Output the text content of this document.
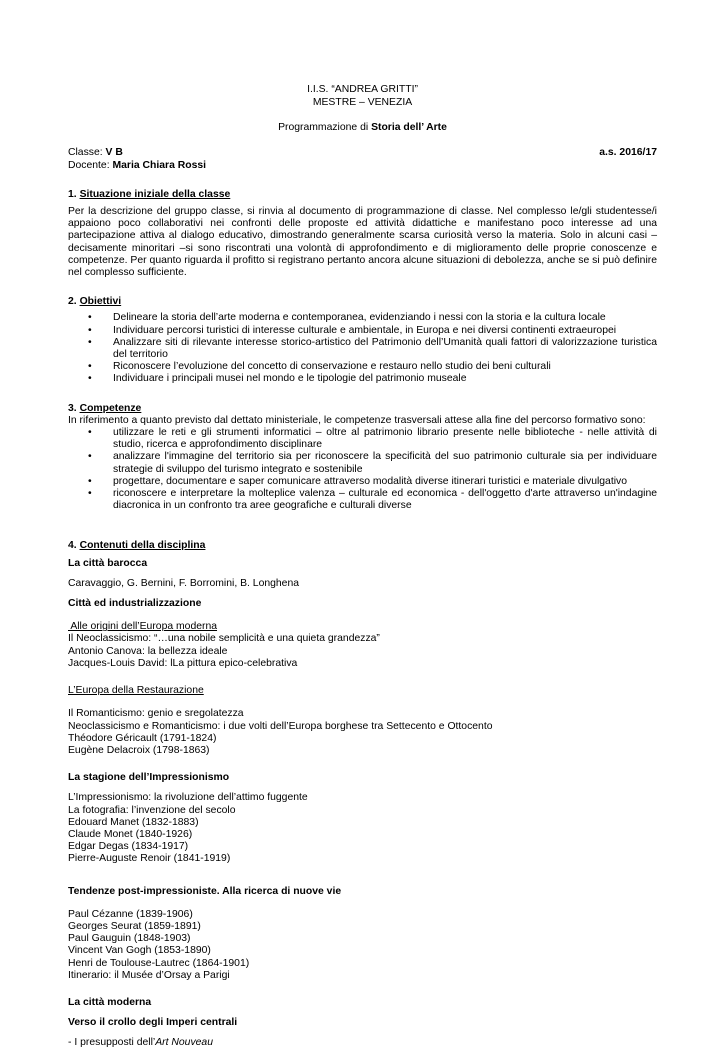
I.I.S. “ANDREA GRITTI”
MESTRE – VENEZIA
Programmazione di Storia dell’ Arte
Classe: V B	a.s. 2016/17
Docente: Maria Chiara Rossi
1. Situazione iniziale della classe
Per la descrizione del gruppo classe, si rinvia al documento di programmazione di classe. Nel complesso le/gli studentesse/i appaiono poco collaborativi nei confronti delle proposte ed attività didattiche e manifestano poco interesse ad una partecipazione attiva al dialogo educativo, dimostrando generalmente scarsa curiosità verso la materia. Solo in alcuni casi – decisamente minoritari –si sono riscontrati una volontà di approfondimento e di miglioramento delle proprie conoscenze e competenze. Per quanto riguarda il profitto si registrano pertanto ancora alcune situazioni di debolezza, anche se si può definire nel complesso sufficiente.
2. Obiettivi
• Delineare la storia dell’arte moderna e contemporanea, evidenziando i nessi con la storia e la cultura locale
• Individuare percorsi turistici di interesse culturale e ambientale, in Europa e nei diversi continenti extraeuropei
• Analizzare siti di rilevante interesse storico-artistico del Patrimonio dell’Umanità quali fattori di valorizzazione turistica del territorio
• Riconoscere l’evoluzione del concetto di conservazione e restauro nello studio dei beni culturali
• Individuare i principali musei nel mondo e le tipologie del patrimonio museale
3. Competenze
In riferimento a quanto previsto dal dettato ministeriale, le competenze trasversali attese alla fine del percorso formativo sono:
• utilizzare le reti e gli strumenti informatici – oltre al patrimonio librario presente nelle biblioteche - nelle attività di studio, ricerca e approfondimento disciplinare
• analizzare l'immagine del territorio sia per riconoscere la specificità del suo patrimonio culturale sia per individuare strategie di sviluppo del turismo integrato e sostenibile
• progettare, documentare e saper comunicare attraverso modalità diverse itinerari turistici e materiale divulgativo
• riconoscere e interpretare la molteplice valenza – culturale ed economica - dell'oggetto d'arte attraverso un'indagine diacronica in un confronto tra aree geografiche e culturali diverse
4. Contenuti della disciplina
La città barocca
Caravaggio, G. Bernini, F. Borromini, B. Longhena
Città ed industrializzazione
Alle origini dell’Europa moderna
Il Neoclassicismo: “…una nobile semplicità e una quieta grandezza”
Antonio Canova: la bellezza ideale
Jacques-Louis David: lLa pittura epico-celebrativa
L’Europa della Restaurazione
Il Romanticismo: genio e sregolatezza
Neoclassicismo e Romanticismo: i due volti dell’Europa borghese tra Settecento e Ottocento
Théodore Géricault (1791-1824)
Eugène Delacroix (1798-1863)
La stagione dell’Impressionismo
L’Impressionismo: la rivoluzione dell’attimo fuggente
La fotografia: l’invenzione del secolo
Edouard Manet (1832-1883)
Claude Monet (1840-1926)
Edgar Degas (1834-1917)
Pierre-Auguste Renoir (1841-1919)
Tendenze post-impressioniste. Alla ricerca di nuove vie
Paul Cézanne (1839-1906)
Georges Seurat (1859-1891)
Paul Gauguin (1848-1903)
Vincent Van Gogh (1853-1890)
Henri de Toulouse-Lautrec (1864-1901)
Itinerario: il Musée d’Orsay a Parigi
La città moderna
Verso il crollo degli Imperi centrali
- I presupposti dell’Art Nouveau
